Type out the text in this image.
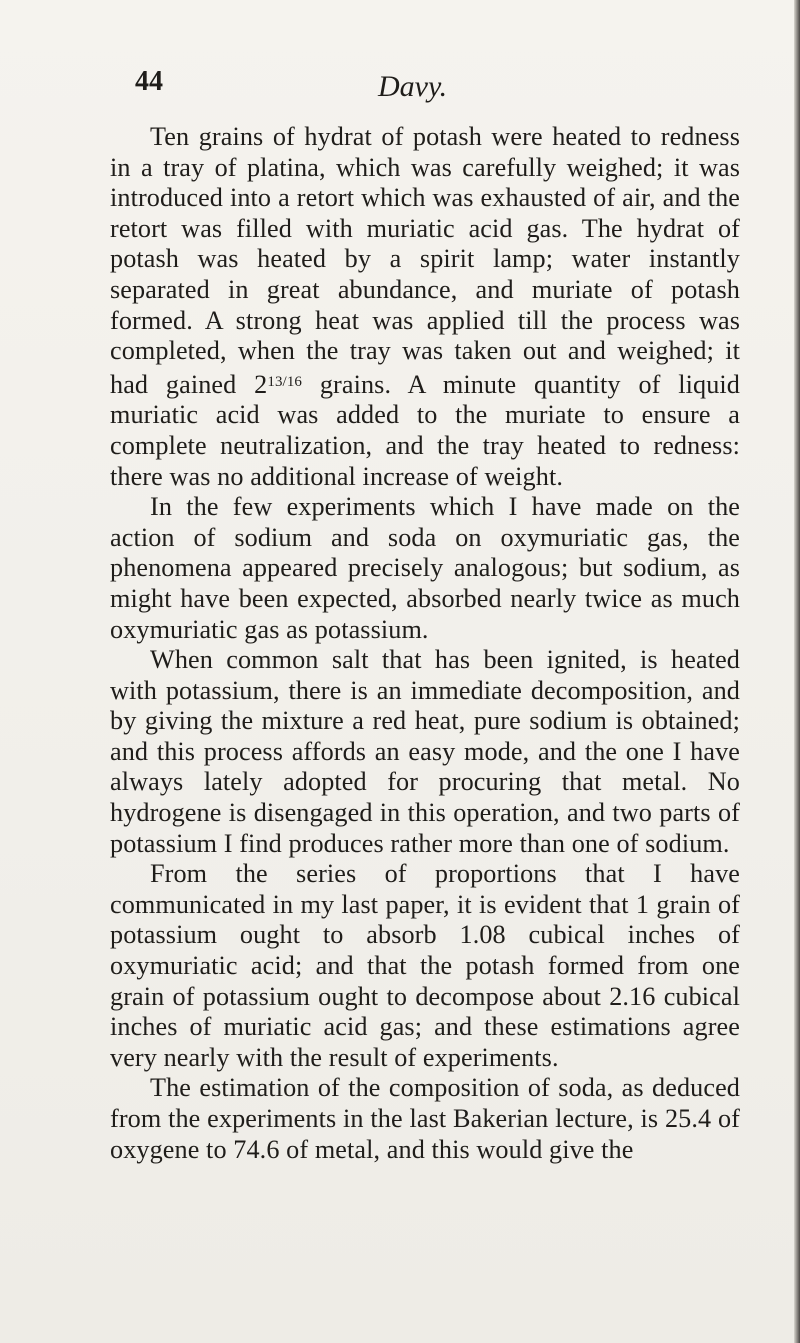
44	Davy.

Ten grains of hydrat of potash were heated to redness in a tray of platina, which was carefully weighed; it was introduced into a retort which was exhausted of air, and the retort was filled with muriatic acid gas. The hydrat of potash was heated by a spirit lamp; water instantly separated in great abundance, and muriate of potash formed. A strong heat was applied till the process was completed, when the tray was taken out and weighed; it had gained $2^{13/16}$ grains. A minute quantity of liquid muriatic acid was added to the muriate to ensure a complete neutralization, and the tray heated to redness: there was no additional increase of weight.

In the few experiments which I have made on the action of sodium and soda on oxymuriatic gas, the phenomena appeared precisely analogous; but sodium, as might have been expected, absorbed nearly twice as much oxymuriatic gas as potassium.

When common salt that has been ignited, is heated with potassium, there is an immediate decomposition, and by giving the mixture a red heat, pure sodium is obtained; and this process affords an easy mode, and the one I have always lately adopted for procuring that metal. No hydrogene is disengaged in this operation, and two parts of potassium I find produces rather more than one of sodium.

From the series of proportions that I have communicated in my last paper, it is evident that 1 grain of potassium ought to absorb 1.08 cubical inches of oxymuriatic acid; and that the potash formed from one grain of potassium ought to decompose about 2.16 cubical inches of muriatic acid gas; and these estimations agree very nearly with the result of experiments.

The estimation of the composition of soda, as deduced from the experiments in the last Bakerian lecture, is 25.4 of oxygene to 74.6 of metal, and this would give the
